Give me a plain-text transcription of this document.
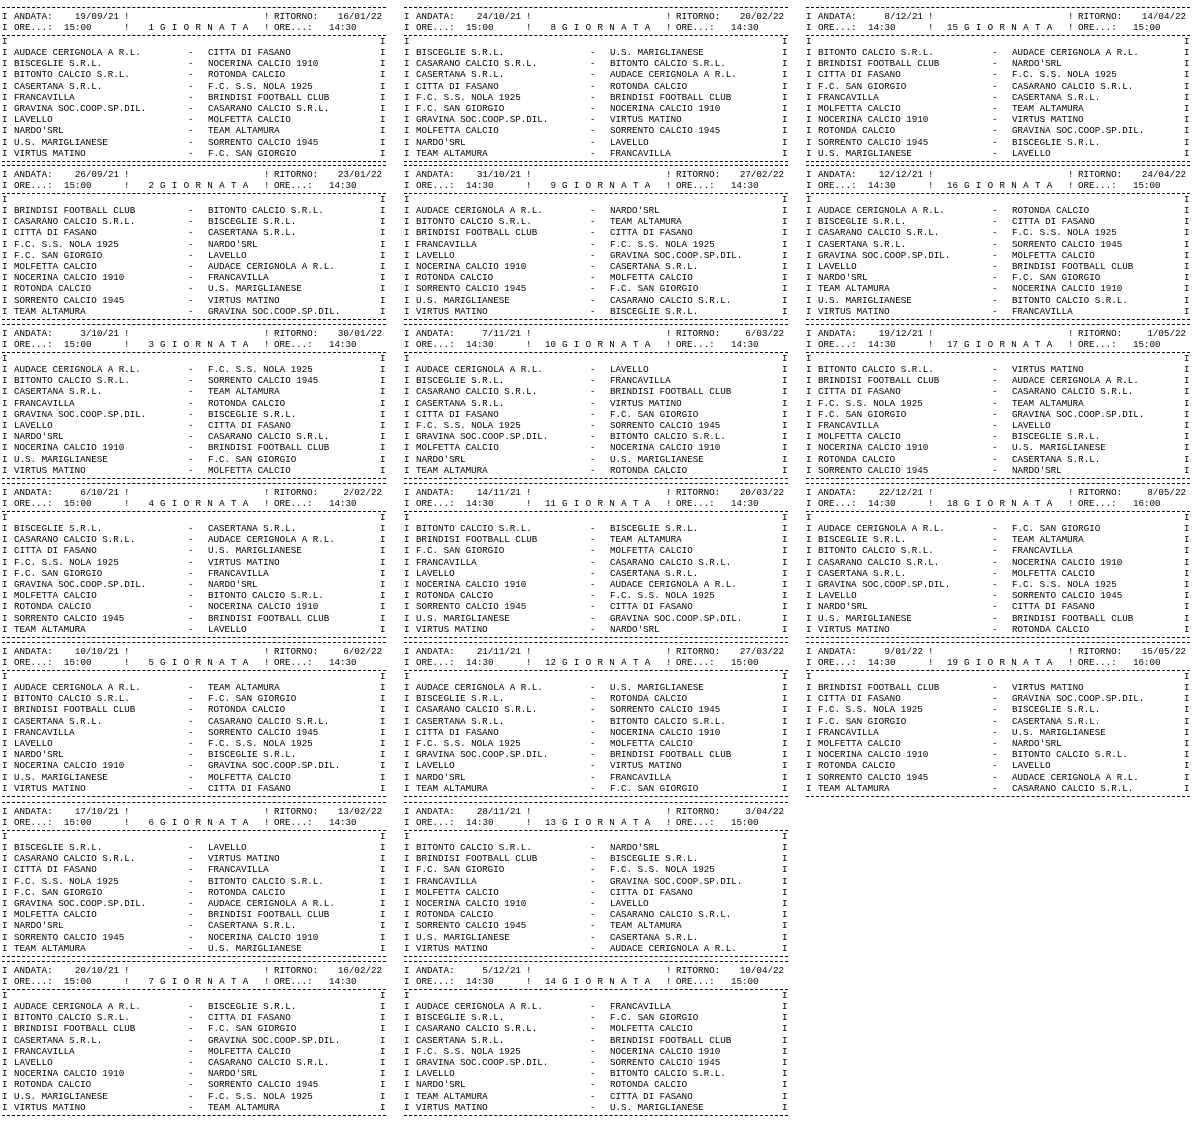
I ANDATA:	19/09/21 !	! RITORNO:	16/01/22
I ORE...: 15:00	!	1 G I O R N A T A ! ORE...: 14:30
I	I
I AUDACE CERIGNOLA A R.L.	- CITTA DI FASANO	I
I BISCEGLIE S.R.L.	- NOCERINA CALCIO 1910	I
I BITONTO CALCIO S.R.L.	- ROTONDA CALCIO	I
I CASERTANA S.R.L.	- F.C. S.S. NOLA 1925	I
I FRANCAVILLA	- BRINDISI FOOTBALL CLUB	I
I GRAVINA SOC.COOP.SP.DIL.	- CASARANO CALCIO S.R.L.	I
I LAVELLO	- MOLFETTA CALCIO	I
I NARDO'SRL	- TEAM ALTAMURA	I
I U.S. MARIGLIANESE	- SORRENTO CALCIO 1945	I
I VIRTUS MATINO	- F.C. SAN GIORGIO	I
I ANDATA:	26/09/21 !	! RITORNO:	23/01/22
I ORE...: 15:00	!	2 G I O R N A T A ! ORE...: 14:30
I	I
I BRINDISI FOOTBALL CLUB	- BITONTO CALCIO S.R.L.	I
I CASARANO CALCIO S.R.L.	- BISCEGLIE S.R.L.	I
I CITTA DI FASANO	- CASERTANA S.R.L.	I
I F.C. S.S. NOLA 1925	- NARDO'SRL	I
I F.C. SAN GIORGIO	- LAVELLO	I
I MOLFETTA CALCIO	- AUDACE CERIGNOLA A R.L.	I
I NOCERINA CALCIO 1910	- FRANCAVILLA	I
I ROTONDA CALCIO	- U.S. MARIGLIANESE	I
I SORRENTO CALCIO 1945	- VIRTUS MATINO	I
I TEAM ALTAMURA	- GRAVINA SOC.COOP.SP.DIL.	I
I ANDATA:	3/10/21 !	! RITORNO:	30/01/22
I ORE...: 15:00	!	3 G I O R N A T A ! ORE...: 14:30
I	I
I AUDACE CERIGNOLA A R.L.	- F.C. S.S. NOLA 1925	I
I BITONTO CALCIO S.R.L.	- SORRENTO CALCIO 1945	I
I CASERTANA S.R.L.	- TEAM ALTAMURA	I
I FRANCAVILLA	- ROTONDA CALCIO	I
I GRAVINA SOC.COOP.SP.DIL.	- BISCEGLIE S.R.L.	I
I LAVELLO	- CITTA DI FASANO	I
I NARDO'SRL	- CASARANO CALCIO S.R.L.	I
I NOCERINA CALCIO 1910	- BRINDISI FOOTBALL CLUB	I
I U.S. MARIGLIANESE	- F.C. SAN GIORGIO	I
I VIRTUS MATINO	- MOLFETTA CALCIO	I
I ANDATA:	6/10/21 !	! RITORNO:	2/02/22
I ORE...: 15:00	!	4 G I O R N A T A ! ORE...: 14:30
I	I
I BISCEGLIE S.R.L.	- CASERTANA S.R.L.	I
I CASARANO CALCIO S.R.L.	- AUDACE CERIGNOLA A R.L.	I
I CITTA DI FASANO	- U.S. MARIGLIANESE	I
I F.C. S.S. NOLA 1925	- VIRTUS MATINO	I
I F.C. SAN GIORGIO	- FRANCAVILLA	I
I GRAVINA SOC.COOP.SP.DIL.	- NARDO'SRL	I
I MOLFETTA CALCIO	- BITONTO CALCIO S.R.L.	I
I ROTONDA CALCIO	- NOCERINA CALCIO 1910	I
I SORRENTO CALCIO 1945	- BRINDISI FOOTBALL CLUB	I
I TEAM ALTAMURA	- LAVELLO	I
I ANDATA:	10/10/21 !	! RITORNO:	6/02/22
I ORE...: 15:00	!	5 G I O R N A T A ! ORE...: 14:30
I	I
I AUDACE CERIGNOLA A R.L.	- TEAM ALTAMURA	I
I BITONTO CALCIO S.R.L.	- F.C. SAN GIORGIO	I
I BRINDISI FOOTBALL CLUB	- ROTONDA CALCIO	I
I CASERTANA S.R.L.	- CASARANO CALCIO S.R.L.	I
I FRANCAVILLA	- SORRENTO CALCIO 1945	I
I LAVELLO	- F.C. S.S. NOLA 1925	I
I NARDO'SRL	- BISCEGLIE S.R.L.	I
I NOCERINA CALCIO 1910	- GRAVINA SOC.COOP.SP.DIL.	I
I U.S. MARIGLIANESE	- MOLFETTA CALCIO	I
I VIRTUS MATINO	- CITTA DI FASANO	I
I ANDATA:	17/10/21 !	! RITORNO:	13/02/22
I ORE...: 15:00	!	6 G I O R N A T A ! ORE...: 14:30
I	I
I BISCEGLIE S.R.L.	- LAVELLO	I
I CASARANO CALCIO S.R.L.	- VIRTUS MATINO	I
I CITTA DI FASANO	- FRANCAVILLA	I
I F.C. S.S. NOLA 1925	- BITONTO CALCIO S.R.L.	I
I F.C. SAN GIORGIO	- ROTONDA CALCIO	I
I GRAVINA SOC.COOP.SP.DIL.	- AUDACE CERIGNOLA A R.L.	I
I MOLFETTA CALCIO	- BRINDISI FOOTBALL CLUB	I
I NARDO'SRL	- CASERTANA S.R.L.	I
I SORRENTO CALCIO 1945	- NOCERINA CALCIO 1910	I
I TEAM ALTAMURA	- U.S. MARIGLIANESE	I
I ANDATA:	20/10/21 !	! RITORNO:	16/02/22
I ORE...: 15:00	!	7 G I O R N A T A ! ORE...: 14:30
I	I
I AUDACE CERIGNOLA A R.L.	- BISCEGLIE S.R.L.	I
I BITONTO CALCIO S.R.L.	- CITTA DI FASANO	I
I BRINDISI FOOTBALL CLUB	- F.C. SAN GIORGIO	I
I CASERTANA S.R.L.	- GRAVINA SOC.COOP.SP.DIL.	I
I FRANCAVILLA	- MOLFETTA CALCIO	I
I LAVELLO	- CASARANO CALCIO S.R.L.	I
I NOCERINA CALCIO 1910	- NARDO'SRL	I
I ROTONDA CALCIO	- SORRENTO CALCIO 1945	I
I U.S. MARIGLIANESE	- F.C. S.S. NOLA 1925	I
I VIRTUS MATINO	- TEAM ALTAMURA	I
I ANDATA:	24/10/21 !	! RITORNO:	20/02/22
I ORE...: 15:00	!	8 G I O R N A T A ! ORE...: 14:30
I	I
I BISCEGLIE S.R.L.	- U.S. MARIGLIANESE	I
I CASARANO CALCIO S.R.L.	- BITONTO CALCIO S.R.L.	I
I CASERTANA S.R.L.	- AUDACE CERIGNOLA A R.L.	I
I CITTA DI FASANO	- ROTONDA CALCIO	I
I F.C. S.S. NOLA 1925	- BRINDISI FOOTBALL CLUB	I
I F.C. SAN GIORGIO	- NOCERINA CALCIO 1910	I
I GRAVINA SOC.COOP.SP.DIL.	- VIRTUS MATINO	I
I MOLFETTA CALCIO	- SORRENTO CALCIO 1945	I
I NARDO'SRL	- LAVELLO	I
I TEAM ALTAMURA	- FRANCAVILLA	I
I ANDATA:	31/10/21 !	! RITORNO:	27/02/22
I ORE...: 14:30	!	9 G I O R N A T A ! ORE...: 14:30
I	I
I AUDACE CERIGNOLA A R.L.	- NARDO'SRL	I
I BITONTO CALCIO S.R.L.	- TEAM ALTAMURA	I
I BRINDISI FOOTBALL CLUB	- CITTA DI FASANO	I
I FRANCAVILLA	- F.C. S.S. NOLA 1925	I
I LAVELLO	- GRAVINA SOC.COOP.SP.DIL.	I
I NOCERINA CALCIO 1910	- CASERTANA S.R.L.	I
I ROTONDA CALCIO	- MOLFETTA CALCIO	I
I SORRENTO CALCIO 1945	- F.C. SAN GIORGIO	I
I U.S. MARIGLIANESE	- CASARANO CALCIO S.R.L.	I
I VIRTUS MATINO	- BISCEGLIE S.R.L.	I
I ANDATA:	7/11/21 !	! RITORNO:	6/03/22
I ORE...: 14:30	!	10 G I O R N A T A ! ORE...: 14:30
I	I
I AUDACE CERIGNOLA A R.L.	- LAVELLO	I
I BISCEGLIE S.R.L.	- FRANCAVILLA	I
I CASARANO CALCIO S.R.L.	- BRINDISI FOOTBALL CLUB	I
I CASERTANA S.R.L.	- VIRTUS MATINO	I
I CITTA DI FASANO	- F.C. SAN GIORGIO	I
I F.C. S.S. NOLA 1925	- SORRENTO CALCIO 1945	I
I GRAVINA SOC.COOP.SP.DIL.	- BITONTO CALCIO S.R.L.	I
I MOLFETTA CALCIO	- NOCERINA CALCIO 1910	I
I NARDO'SRL	- U.S. MARIGLIANESE	I
I TEAM ALTAMURA	- ROTONDA CALCIO	I
I ANDATA:	14/11/21 !	! RITORNO:	20/03/22
I ORE...: 14:30	!	11 G I O R N A T A ! ORE...: 14:30
I	I
I BITONTO CALCIO S.R.L.	- BISCEGLIE S.R.L.	I
I BRINDISI FOOTBALL CLUB	- TEAM ALTAMURA	I
I F.C. SAN GIORGIO	- MOLFETTA CALCIO	I
I FRANCAVILLA	- CASARANO CALCIO S.R.L.	I
I LAVELLO	- CASERTANA S.R.L.	I
I NOCERINA CALCIO 1910	- AUDACE CERIGNOLA A R.L.	I
I ROTONDA CALCIO	- F.C. S.S. NOLA 1925	I
I SORRENTO CALCIO 1945	- CITTA DI FASANO	I
I U.S. MARIGLIANESE	- GRAVINA SOC.COOP.SP.DIL.	I
I VIRTUS MATINO	- NARDO'SRL	I
I ANDATA:	21/11/21 !	! RITORNO:	27/03/22
I ORE...: 14:30	!	12 G I O R N A T A ! ORE...: 15:00
I	I
I AUDACE CERIGNOLA A R.L.	- U.S. MARIGLIANESE	I
I BISCEGLIE S.R.L.	- ROTONDA CALCIO	I
I CASARANO CALCIO S.R.L.	- SORRENTO CALCIO 1945	I
I CASERTANA S.R.L.	- BITONTO CALCIO S.R.L.	I
I CITTA DI FASANO	- NOCERINA CALCIO 1910	I
I F.C. S.S. NOLA 1925	- MOLFETTA CALCIO	I
I GRAVINA SOC.COOP.SP.DIL.	- BRINDISI FOOTBALL CLUB	I
I LAVELLO	- VIRTUS MATINO	I
I NARDO'SRL	- FRANCAVILLA	I
I TEAM ALTAMURA	- F.C. SAN GIORGIO	I
I ANDATA:	28/11/21 !	! RITORNO:	3/04/22
I ORE...: 14:30	!	13 G I O R N A T A ! ORE...: 15:00
I	I
I BITONTO CALCIO S.R.L.	- NARDO'SRL	I
I BRINDISI FOOTBALL CLUB	- BISCEGLIE S.R.L.	I
I F.C. SAN GIORGIO	- F.C. S.S. NOLA 1925	I
I FRANCAVILLA	- GRAVINA SOC.COOP.SP.DIL.	I
I MOLFETTA CALCIO	- CITTA DI FASANO	I
I NOCERINA CALCIO 1910	- LAVELLO	I
I ROTONDA CALCIO	- CASARANO CALCIO S.R.L.	I
I SORRENTO CALCIO 1945	- TEAM ALTAMURA	I
I U.S. MARIGLIANESE	- CASERTANA S.R.L.	I
I VIRTUS MATINO	- AUDACE CERIGNOLA A R.L.	I
I ANDATA:	5/12/21 !	! RITORNO:	10/04/22
I ORE...: 14:30	!	14 G I O R N A T A ! ORE...: 15:00
I	I
I AUDACE CERIGNOLA A R.L.	- FRANCAVILLA	I
I BISCEGLIE S.R.L.	- F.C. SAN GIORGIO	I
I CASARANO CALCIO S.R.L.	- MOLFETTA CALCIO	I
I CASERTANA S.R.L.	- BRINDISI FOOTBALL CLUB	I
I F.C. S.S. NOLA 1925	- NOCERINA CALCIO 1910	I
I GRAVINA SOC.COOP.SP.DIL.	- SORRENTO CALCIO 1945	I
I LAVELLO	- BITONTO CALCIO S.R.L.	I
I NARDO'SRL	- ROTONDA CALCIO	I
I TEAM ALTAMURA	- CITTA DI FASANO	I
I VIRTUS MATINO	- U.S. MARIGLIANESE	I
I ANDATA:	8/12/21 !	! RITORNO:	14/04/22
I ORE...: 14:30	!	15 G I O R N A T A ! ORE...: 15:00
I	I
I BITONTO CALCIO S.R.L.	- AUDACE CERIGNOLA A R.L.	I
I BRINDISI FOOTBALL CLUB	- NARDO'SRL	I
I CITTA DI FASANO	- F.C. S.S. NOLA 1925	I
I F.C. SAN GIORGIO	- CASARANO CALCIO S.R.L.	I
I FRANCAVILLA	- CASERTANA S.R.L.	I
I MOLFETTA CALCIO	- TEAM ALTAMURA	I
I NOCERINA CALCIO 1910	- VIRTUS MATINO	I
I ROTONDA CALCIO	- GRAVINA SOC.COOP.SP.DIL.	I
I SORRENTO CALCIO 1945	- BISCEGLIE S.R.L.	I
I U.S. MARIGLIANESE	- LAVELLO	I
I ANDATA:	12/12/21 !	! RITORNO:	24/04/22
I ORE...: 14:30	!	16 G I O R N A T A ! ORE...: 15:00
I	I
I AUDACE CERIGNOLA A R.L.	- ROTONDA CALCIO	I
I BISCEGLIE S.R.L.	- CITTA DI FASANO	I
I CASARANO CALCIO S.R.L.	- F.C. S.S. NOLA 1925	I
I CASERTANA S.R.L.	- SORRENTO CALCIO 1945	I
I GRAVINA SOC.COOP.SP.DIL.	- MOLFETTA CALCIO	I
I LAVELLO	- BRINDISI FOOTBALL CLUB	I
I NARDO'SRL	- F.C. SAN GIORGIO	I
I TEAM ALTAMURA	- NOCERINA CALCIO 1910	I
I U.S. MARIGLIANESE	- BITONTO CALCIO S.R.L.	I
I VIRTUS MATINO	- FRANCAVILLA	I
I ANDATA:	19/12/21 !	! RITORNO:	1/05/22
I ORE...: 14:30	!	17 G I O R N A T A ! ORE...: 15:00
I	I
I BITONTO CALCIO S.R.L.	- VIRTUS MATINO	I
I BRINDISI FOOTBALL CLUB	- AUDACE CERIGNOLA A R.L.	I
I CITTA DI FASANO	- CASARANO CALCIO S.R.L.	I
I F.C. S.S. NOLA 1925	- TEAM ALTAMURA	I
I F.C. SAN GIORGIO	- GRAVINA SOC.COOP.SP.DIL.	I
I FRANCAVILLA	- LAVELLO	I
I MOLFETTA CALCIO	- BISCEGLIE S.R.L.	I
I NOCERINA CALCIO 1910	- U.S. MARIGLIANESE	I
I ROTONDA CALCIO	- CASERTANA S.R.L.	I
I SORRENTO CALCIO 1945	- NARDO'SRL	I
I ANDATA:	22/12/21 !	! RITORNO:	8/05/22
I ORE...: 14:30	!	18 G I O R N A T A ! ORE...: 16:00
I	I
I AUDACE CERIGNOLA A R.L.	- F.C. SAN GIORGIO	I
I BISCEGLIE S.R.L.	- TEAM ALTAMURA	I
I BITONTO CALCIO S.R.L.	- FRANCAVILLA	I
I CASARANO CALCIO S.R.L.	- NOCERINA CALCIO 1910	I
I CASERTANA S.R.L.	- MOLFETTA CALCIO	I
I GRAVINA SOC.COOP.SP.DIL.	- F.C. S.S. NOLA 1925	I
I LAVELLO	- SORRENTO CALCIO 1945	I
I NARDO'SRL	- CITTA DI FASANO	I
I U.S. MARIGLIANESE	- BRINDISI FOOTBALL CLUB	I
I VIRTUS MATINO	- ROTONDA CALCIO	I
I ANDATA:	9/01/22 !	! RITORNO:	15/05/22
I ORE...: 14:30	!	19 G I O R N A T A ! ORE...: 16:00
I	I
I BRINDISI FOOTBALL CLUB	- VIRTUS MATINO	I
I CITTA DI FASANO	- GRAVINA SOC.COOP.SP.DIL.	I
I F.C. S.S. NOLA 1925	- BISCEGLIE S.R.L.	I
I F.C. SAN GIORGIO	- CASERTANA S.R.L.	I
I FRANCAVILLA	- U.S. MARIGLIANESE	I
I MOLFETTA CALCIO	- NARDO'SRL	I
I NOCERINA CALCIO 1910	- BITONTO CALCIO S.R.L.	I
I ROTONDA CALCIO	- LAVELLO	I
I SORRENTO CALCIO 1945	- AUDACE CERIGNOLA A R.L.	I
I TEAM ALTAMURA	- CASARANO CALCIO S.R.L.	I
